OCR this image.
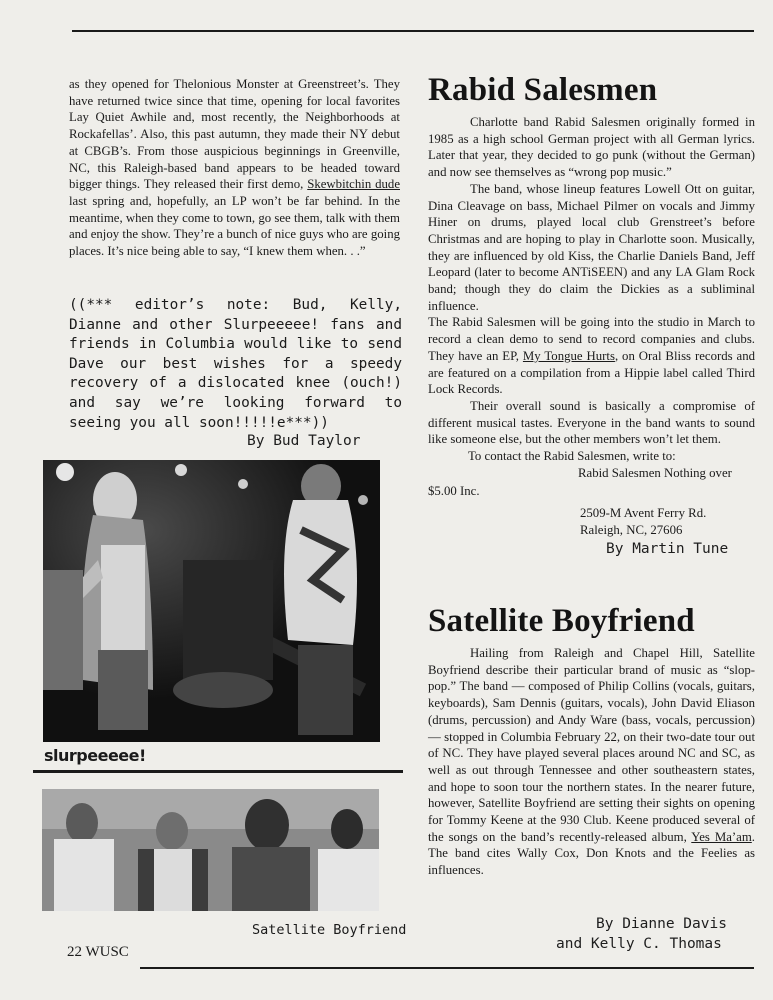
as they opened for Thelonious Monster at Greenstreet’s. They have returned twice since that time, opening for local favorites Lay Quiet Awhile and, most recently, the Neighborhoods at Rockafellas’. Also, this past autumn, they made their NY debut at CBGB’s. From those auspicious beginnings in Greenville, NC, this Raleigh-based band appears to be headed toward bigger things. They released their first demo, Skewbitchin dude last spring and, hopefully, an LP won’t be far behind. In the meantime, when they come to town, go see them, talk with them and enjoy the show. They’re a bunch of nice guys who are going places. It’s nice being able to say, “I knew them when. . .”

((*** editor’s note: Bud, Kelly, Dianne and other Slurpeeeee! fans and friends in Columbia would like to send Dave our best wishes for a speedy recovery of a dislocated knee (ouch!) and say we’re looking forward to seeing you all soon!!!!!e***))

By Bud Taylor

slurpeeeee!

Satellite Boyfriend

22 WUSC

Rabid Salesmen

Charlotte band Rabid Salesmen originally formed in 1985 as a high school German project with all German lyrics. Later that year, they decided to go punk (without the German) and now see themselves as “wrong pop music.”

The band, whose lineup features Lowell Ott on guitar, Dina Cleavage on bass, Michael Pilmer on vocals and Jimmy Hiner on drums, played local club Grenstreet’s before Christmas and are hoping to play in Charlotte soon. Musically, they are influenced by old Kiss, the Charlie Daniels Band, Jeff Leopard (later to become ANTiSEEN) and any LA Glam Rock band; though they do claim the Dickies as a subliminal influence.

The Rabid Salesmen will be going into the studio in March to record a clean demo to send to record companies and clubs. They have an EP, My Tongue Hurts, on Oral Bliss records and are featured on a compilation from a Hippie label called Third Lock Records.

Their overall sound is basically a compromise of different musical tastes. Everyone in the band wants to sound like someone else, but the other members won’t let them.

To contact the Rabid Salesmen, write to:

Rabid Salesmen Nothing over

$5.00 Inc.

2509-M Avent Ferry Rd.

Raleigh, NC, 27606

By Martin Tune

Satellite Boyfriend

Hailing from Raleigh and Chapel Hill, Satellite Boyfriend describe their particular brand of music as “slop-pop.” The band — composed of Philip Collins (vocals, guitars, keyboards), Sam Dennis (guitars, vocals), John David Eliason (drums, percussion) and Andy Ware (bass, vocals, percussion) — stopped in Columbia February 22, on their two-date tour out of NC. They have played several places around NC and SC, as well as out through Tennessee and other southeastern states, and hope to soon tour the northern states. In the nearer future, however, Satellite Boyfriend are setting their sights on opening for Tommy Keene at the 930 Club. Keene produced several of the songs on the band’s recently-released album, Yes Ma’am. The band cites Wally Cox, Don Knots and the Feelies as influences.

By Dianne Davis

and Kelly C. Thomas
